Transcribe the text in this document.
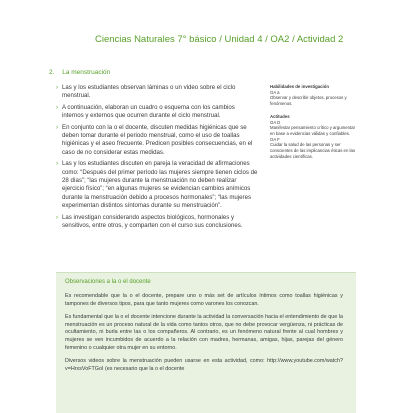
Ciencias Naturales 7° básico / Unidad 4 / OA2 / Actividad 2
2. La menstruación
› Las y los estudiantes observan láminas o un video sobre el ciclo menstrual.
› A continuación, elaboran un cuadro o esquema con los cambios internos y externos que ocurren durante el ciclo menstrual.
› En conjunto con la o el docente, discuten medidas higiénicas que se deben tomar durante el periodo menstrual, como el uso de toallas higiénicas y el aseo frecuente. Predicen posibles consecuencias, en el caso de no considerar estas medidas.
› Las y los estudiantes discuten en pareja la veracidad de afirmaciones como: “Después del primer período las mujeres siempre tienen ciclos de 28 días”; “las mujeres durante la menstruación no deben realizar ejercicio físico”; “en algunas mujeres se evidencian cambios anímicos durante la menstruación debido a procesos hormonales”; “las mujeres experimentan distintos síntomas durante su menstruación”.
› Las investigan considerando aspectos biológicos, hormonales y sensitivos, entre otros, y comparten con el curso sus conclusiones.
Habilidades de investigación
OA a
Observar y describir objetos, procesos y fenómenos.
Actitudes
OA D
Manifestar pensamiento crítico y argumentar en base a evidencias válidas y confiables.
OA F
Cuidar la salud de las personas y ser conscientes de las implicancias éticas en las actividades científicas.
Observaciones a la o el docente

Es recomendable que la o el docente, prepare uno o más set de artículos íntimos como toallas higiénicas y tampones de diversos tipos, para que tanto mujeres como varones los conozcan.

Es fundamental que la o el docente intencione durante la actividad la conversación hacia el entendimiento de que la menstruación es un proceso natural de la vida como tantos otros, que no debe provocar vergüenza, ni prácticas de ocultamiento, ni burla entre las o los compañeros. Al contrario, es un fenómeno natural frente al cual hombres y mujeres se ven incumbidos de acuerdo a la relación con madres, hermanas, amigas, hijas, parejas del género femenino o cualquier otra mujer en su entorno.

Diversos videos sobre la menstruación pueden usarse en esta actividad, como: http://www.youtube.com/watch?v=HrxsVoFTGoI (es necesario que la o el docente
